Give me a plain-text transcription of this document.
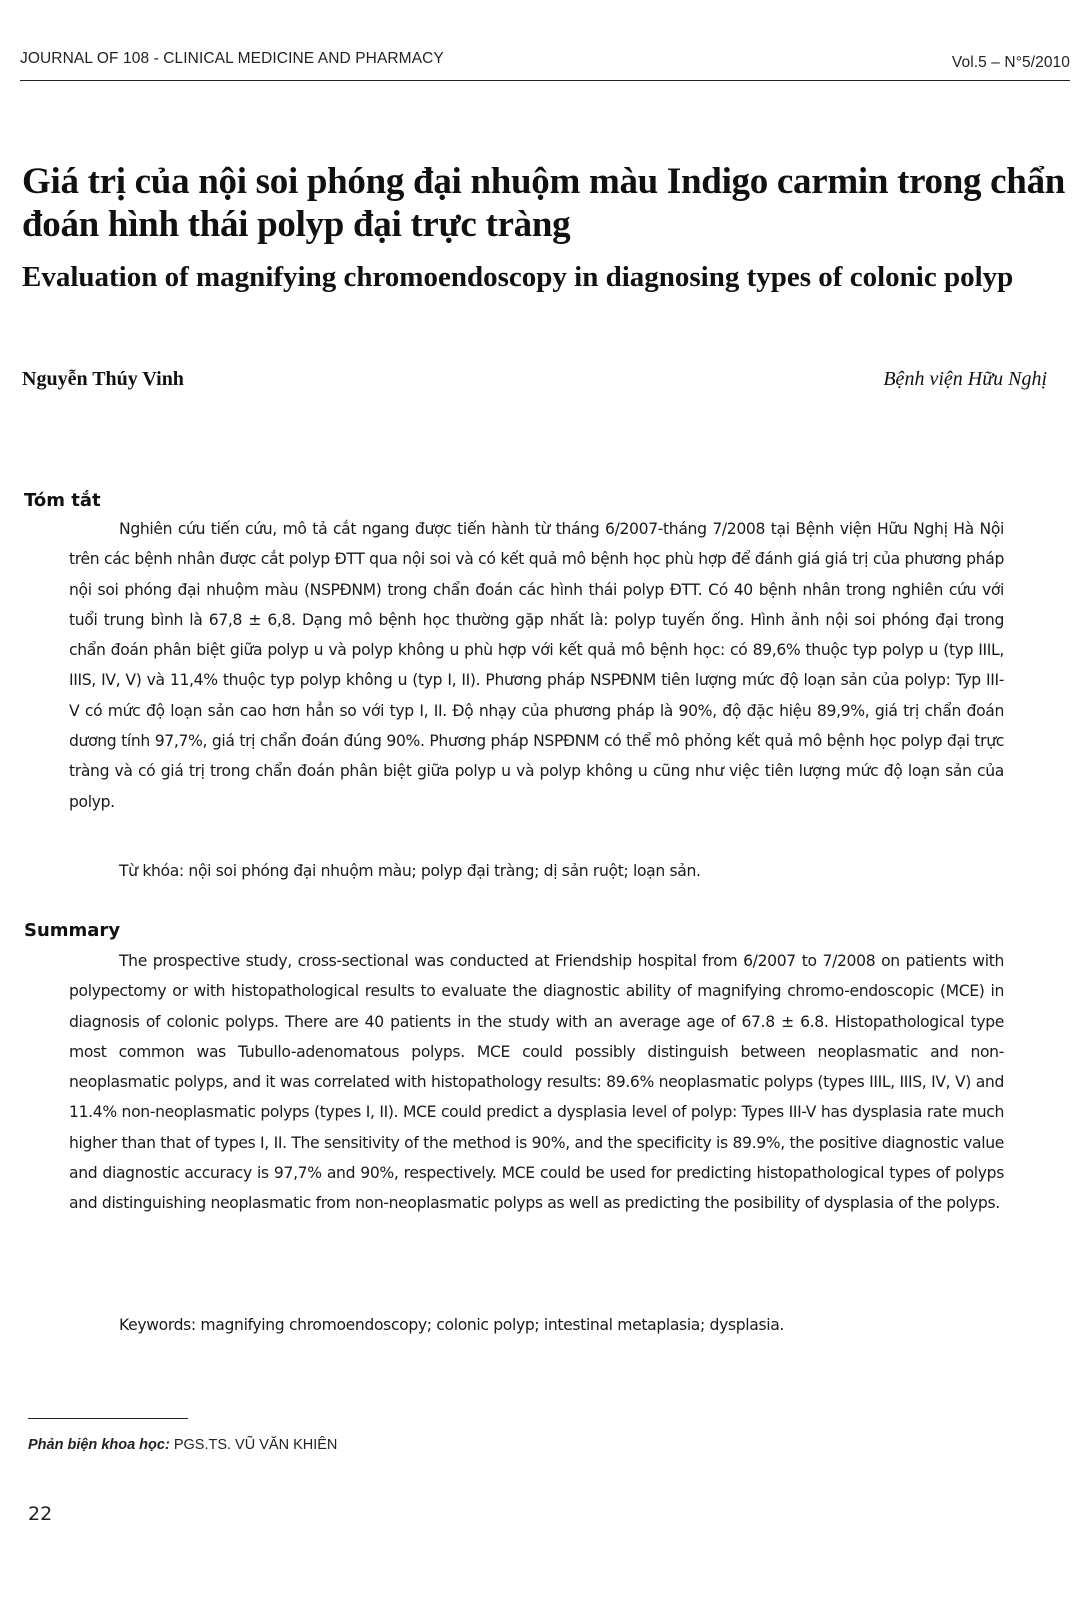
JOURNAL OF 108 - CLINICAL MEDICINE AND PHARMACY	Vol.5 – N°5/2010
Giá trị của nội soi phóng đại nhuộm màu Indigo carmin trong chẩn đoán hình thái polyp đại trực tràng
Evaluation of magnifying chromoendoscopy in diagnosing types of colonic polyp
Nguyễn Thúy Vinh	Bệnh viện Hữu Nghị
Tóm tắt

Nghiên cứu tiến cứu, mô tả cắt ngang được tiến hành từ tháng 6/2007-tháng 7/2008 tại Bệnh viện Hữu Nghị Hà Nội trên các bệnh nhân được cắt polyp ĐTT qua nội soi và có kết quả mô bệnh học phù hợp để đánh giá giá trị của phương pháp nội soi phóng đại nhuộm màu (NSPĐNM) trong chẩn đoán các hình thái polyp ĐTT. Có 40 bệnh nhân trong nghiên cứu với tuổi trung bình là 67,8 ± 6,8. Dạng mô bệnh học thường gặp nhất là: polyp tuyến ống. Hình ảnh nội soi phóng đại trong chẩn đoán phân biệt giữa polyp u và polyp không u phù hợp với kết quả mô bệnh học: có 89,6% thuộc typ polyp u (typ IIIL, IIIS, IV, V) và 11,4% thuộc typ polyp không u (typ I, II). Phương pháp NSPĐNM tiên lượng mức độ loạn sản của polyp: Typ III- V có mức độ loạn sản cao hơn hẳn so với typ I, II. Độ nhạy của phương pháp là 90%, độ đặc hiệu 89,9%, giá trị chẩn đoán dương tính 97,7%, giá trị chẩn đoán đúng 90%. Phương pháp NSPĐNM có thể mô phỏng kết quả mô bệnh học polyp đại trực tràng và có giá trị trong chẩn đoán phân biệt giữa polyp u và polyp không u cũng như việc tiên lượng mức độ loạn sản của polyp.

Từ khóa: nội soi phóng đại nhuộm màu; polyp đại tràng; dị sản ruột; loạn sản.
Summary

The prospective study, cross-sectional was conducted at Friendship hospital from 6/2007 to 7/2008 on patients with polypectomy or with histopathological results to evaluate the diagnostic ability of magnifying chromo-endoscopic (MCE) in diagnosis of colonic polyps. There are 40 patients in the study with an average age of 67.8 ± 6.8. Histopathological type most common was Tubullo-adenomatous polyps. MCE could possibly distinguish between neoplasmatic and non-neoplasmatic polyps, and it was correlated with histopathology results: 89.6% neoplasmatic polyps (types IIIL, IIIS, IV, V) and 11.4% non-neoplasmatic polyps (types I, II). MCE could predict a dysplasia level of polyp: Types III-V has dysplasia rate much higher than that of types I, II. The sensitivity of the method is 90%, and the specificity is 89.9%, the positive diagnostic value and diagnostic accuracy is 97,7% and 90%, respectively. MCE could be used for predicting histopathological types of polyps and distinguishing neoplasmatic from non-neoplasmatic polyps as well as predicting the posibility of dysplasia of the polyps.

Keywords: magnifying chromoendoscopy; colonic polyp; intestinal metaplasia; dysplasia.
Phản biện khoa học: PGS.TS. VŨ VĂN KHIÊN
22
